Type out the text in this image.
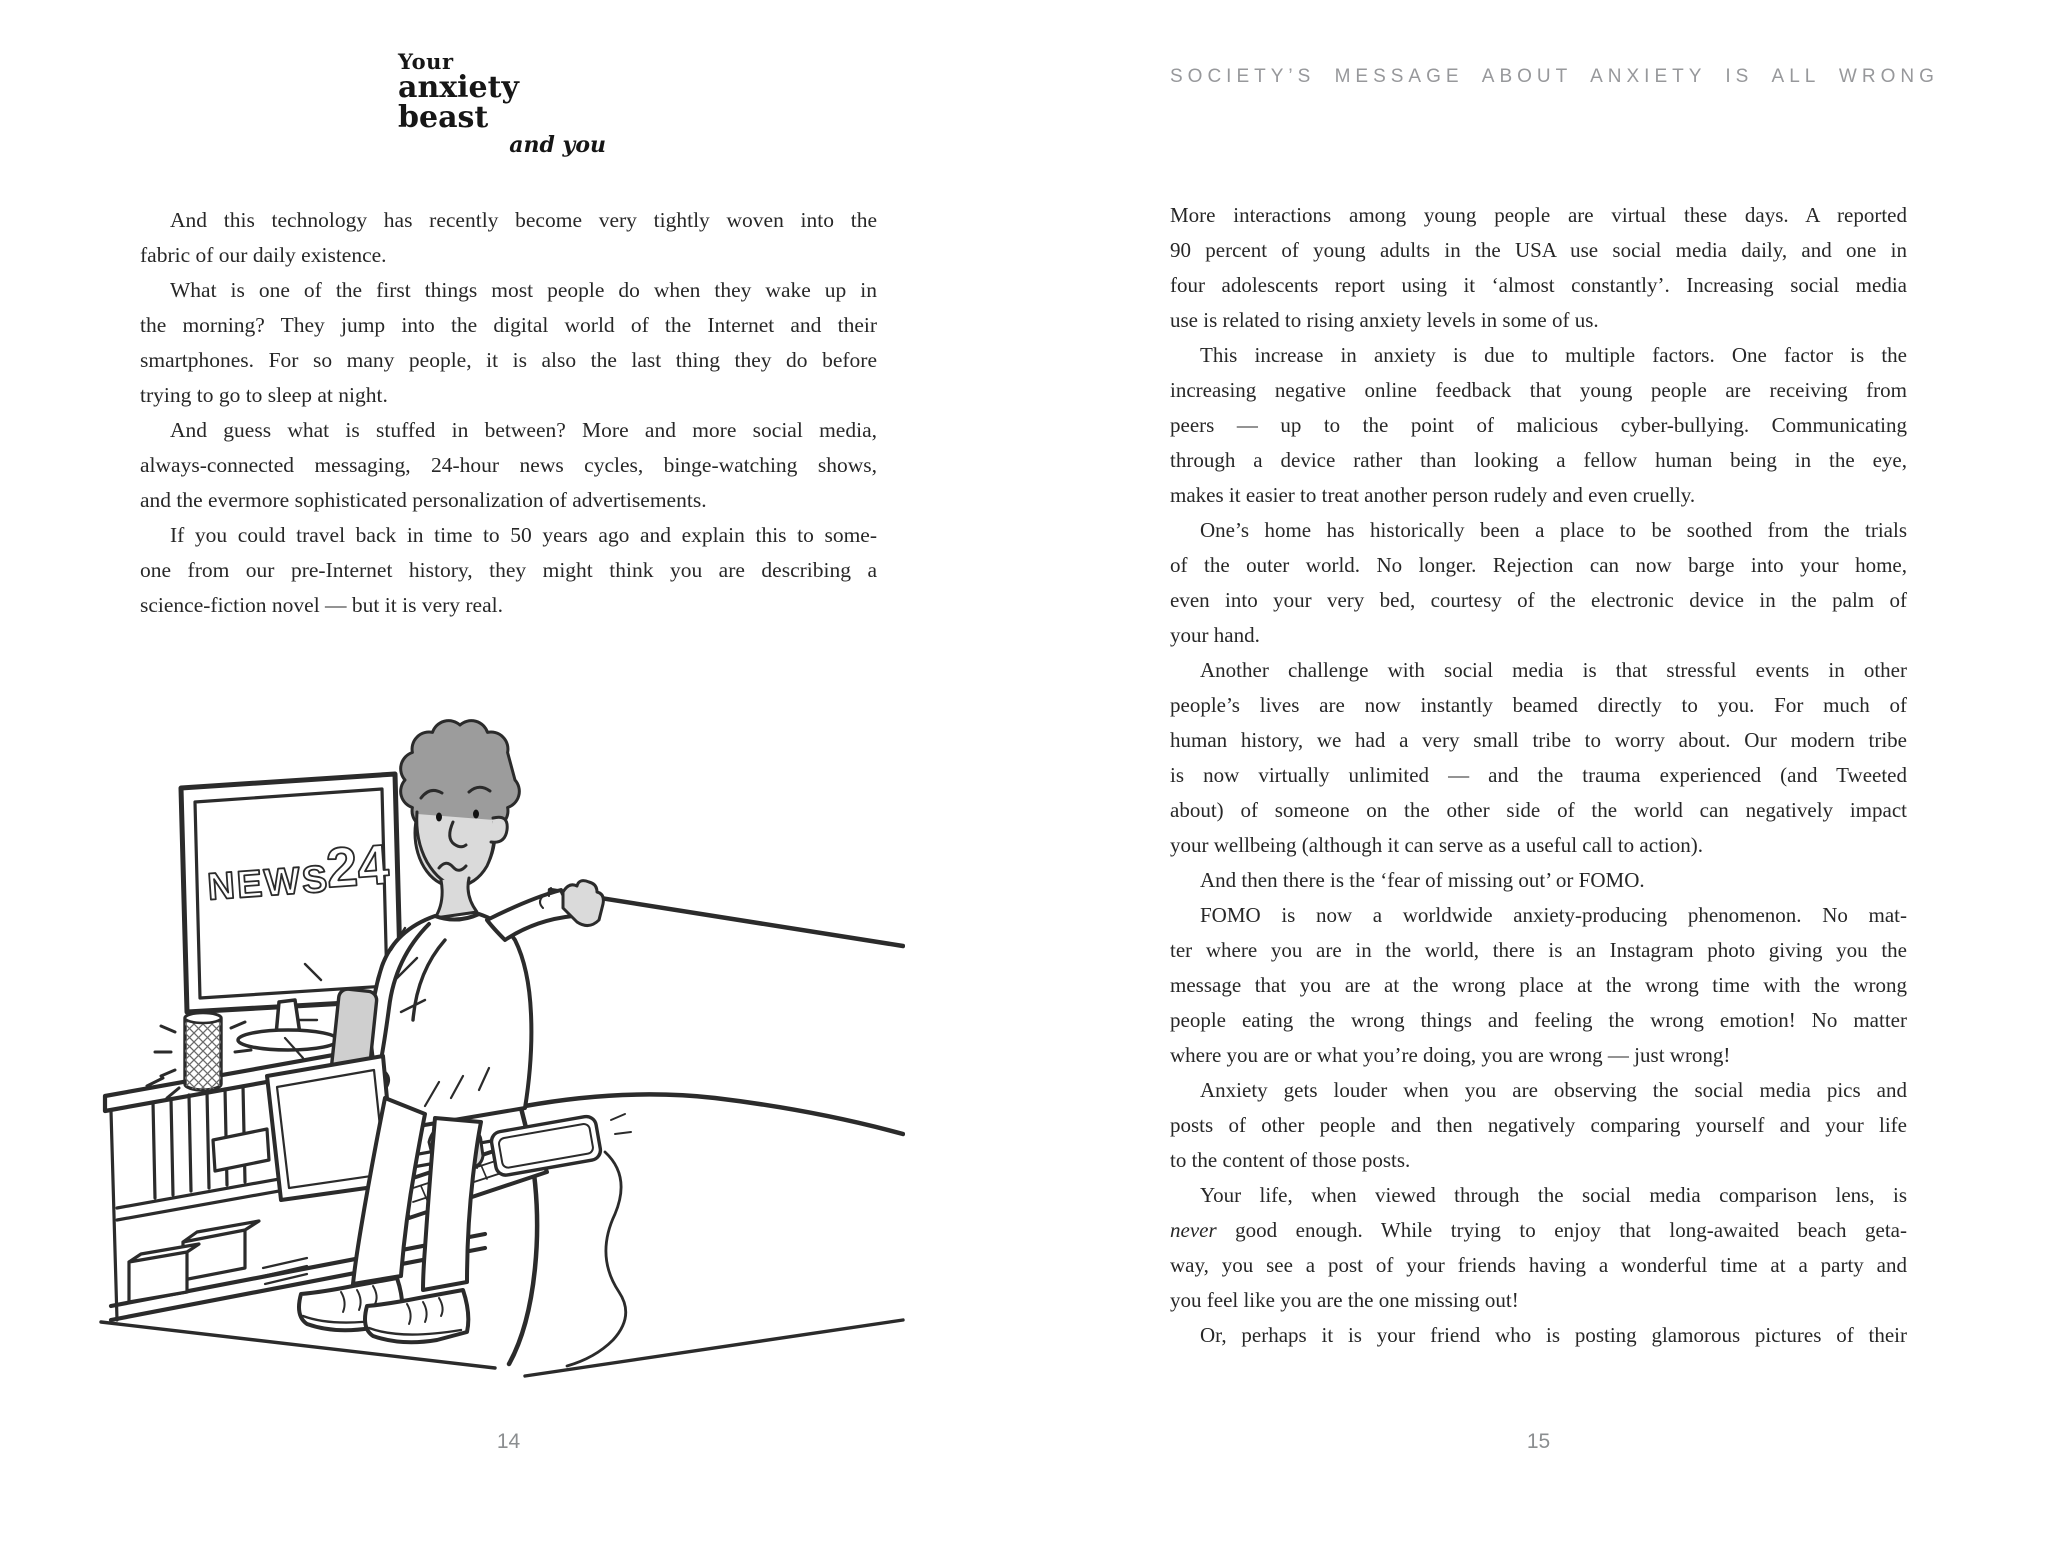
Your
anxiety beast
and you
And this technology has recently become very tightly woven into the
fabric of our daily existence.
What is one of the first things most people do when they wake up in
the morning? They jump into the digital world of the Internet and their
smartphones. For so many people, it is also the last thing they do before
trying to go to sleep at night.
And guess what is stuffed in between? More and more social media,
always-connected messaging, 24-hour news cycles, binge-watching shows,
and the evermore sophisticated personalization of advertisements.
If you could travel back in time to 50 years ago and explain this to some-
one from our pre-Internet history, they might think you are describing a
science-fiction novel — but it is very real.
NEWS
24
14
SOCIETY’S MESSAGE ABOUT ANXIETY IS ALL WRONG
More interactions among young people are virtual these days. A reported
90 percent of young adults in the USA use social media daily, and one in
four adolescents report using it ‘almost constantly’. Increasing social media
use is related to rising anxiety levels in some of us.
This increase in anxiety is due to multiple factors. One factor is the
increasing negative online feedback that young people are receiving from
peers — up to the point of malicious cyber-bullying. Communicating
through a device rather than looking a fellow human being in the eye,
makes it easier to treat another person rudely and even cruelly.
One’s home has historically been a place to be soothed from the trials
of the outer world. No longer. Rejection can now barge into your home,
even into your very bed, courtesy of the electronic device in the palm of
your hand.
Another challenge with social media is that stressful events in other
people’s lives are now instantly beamed directly to you. For much of
human history, we had a very small tribe to worry about. Our modern tribe
is now virtually unlimited — and the trauma experienced (and Tweeted
about) of someone on the other side of the world can negatively impact
your wellbeing (although it can serve as a useful call to action).
And then there is the ‘fear of missing out’ or FOMO.
FOMO is now a worldwide anxiety-producing phenomenon. No mat-
ter where you are in the world, there is an Instagram photo giving you the
message that you are at the wrong place at the wrong time with the wrong
people eating the wrong things and feeling the wrong emotion! No matter
where you are or what you’re doing, you are wrong — just wrong!
Anxiety gets louder when you are observing the social media pics and
posts of other people and then negatively comparing yourself and your life
to the content of those posts.
Your life, when viewed through the social media comparison lens, is
never good enough. While trying to enjoy that long-awaited beach geta-
way, you see a post of your friends having a wonderful time at a party and
you feel like you are the one missing out!
Or, perhaps it is your friend who is posting glamorous pictures of their
15
